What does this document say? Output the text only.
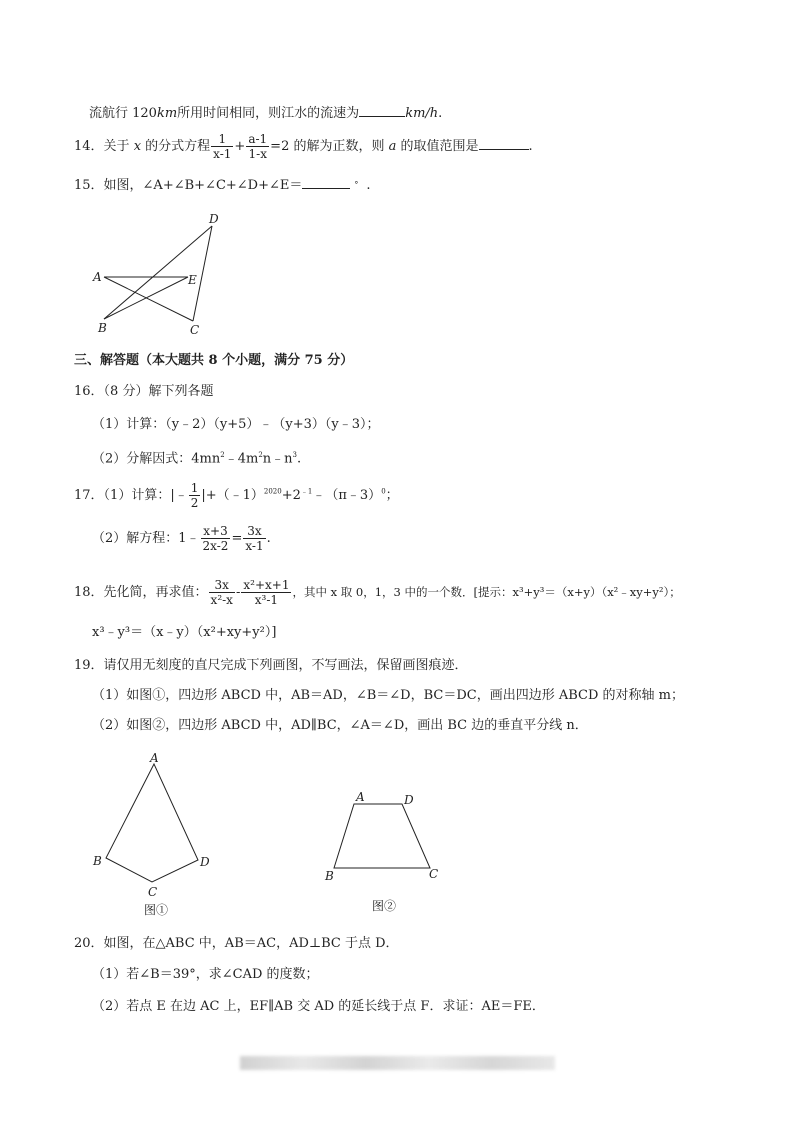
流航行 120km所用时间相同，则江水的流速为	km/h.
14．关于 x 的分式方程 $\frac{1}{x-1} + \frac{a-1}{1-x} =2$ 的解为正数，则 a 的取值范围是	.
15．如图，∠A+∠B+∠C+∠D+∠E＝	° .
A
B	C
D
E
三、解答题（本大题共 8 个小题，满分 75 分）
16．（8 分）解下列各题
（1）计算：（y﹣2）（y+5）﹣（y+3）（y﹣3）；
（2）分解因式：$4mn^2﹣4m^2n﹣n^3$.
17．（1）计算：|﹣ $\frac{1}{2}$ $|+(﹣1)^{2020}+2^{﹣1}﹣(\pi﹣3)^0$；
（2）解方程：1﹣ $\frac{x+3}{2x-2} = \frac{3x}{x-1}$ .
18．先化简，再求值： $\frac{3x}{\text{x²-x}} - \frac{\text{x²+x+1}}{\text{x³-1}}$ ，其中 x 取 0，1，3 中的一个数．[提示：x³+y³＝（x+y）（x²﹣xy+y²）；
x³﹣y³＝（x﹣y）（x²+xy+y²）]
19．请仅用无刻度的直尺完成下列画图，不写画法，保留画图痕迹．
（1）如图①，四边形 ABCD 中，AB＝AD，∠B＝∠D，BC＝DC，画出四边形 ABCD 的对称轴 m；
（2）如图②，四边形 ABCD 中，AD∥BC，∠A＝∠D，画出 BC 边的垂直平分线 n．
A
B
C
D
图①
A	D
B	C
图②
20．如图，在△ABC 中，AB＝AC，AD⊥BC 于点 D．
（1）若∠B＝39°，求∠CAD 的度数；
（2）若点 E 在边 AC 上，EF∥AB 交 AD 的延长线于点 F．求证：AE＝FE．
